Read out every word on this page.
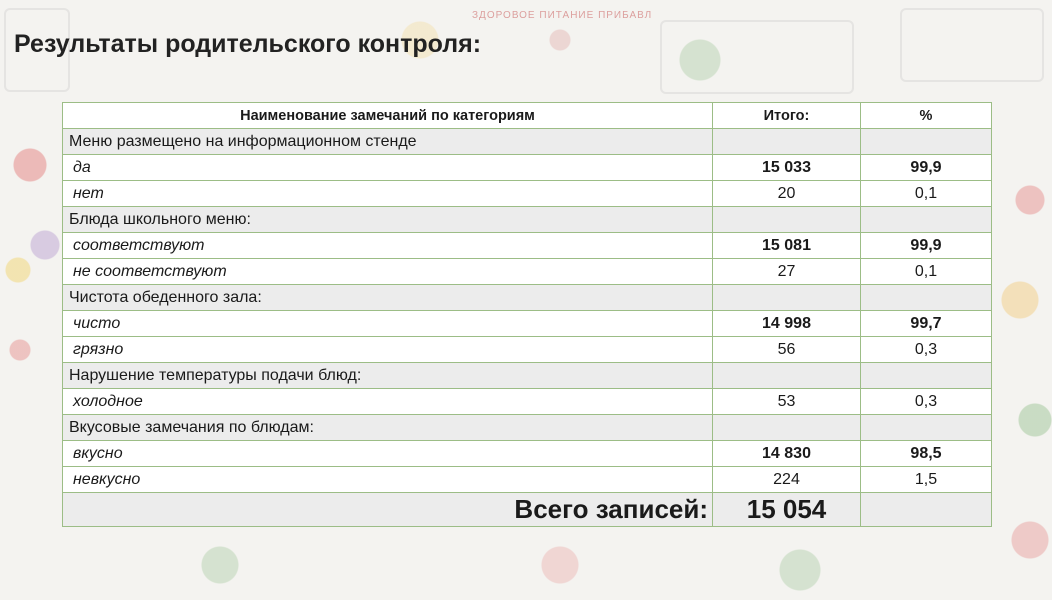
ЗДОРОВОЕ ПИТАНИЕ ПРИБАВЛ
Результаты родительского контроля:
Наименование замечаний по категориям	Итого:	%
Меню размещено на информационном стенде		
да	15 033	99,9
нет	20	0,1
Блюда школьного меню:		
соответствуют	15 081	99,9
не соответствуют	27	0,1
Чистота обеденного зала:		
чисто	14 998	99,7
грязно	56	0,3
Нарушение температуры подачи блюд:		
холодное	53	0,3
Вкусовые замечания по блюдам:		
вкусно	14 830	98,5
невкусно	224	1,5
Всего записей:	15 054	
